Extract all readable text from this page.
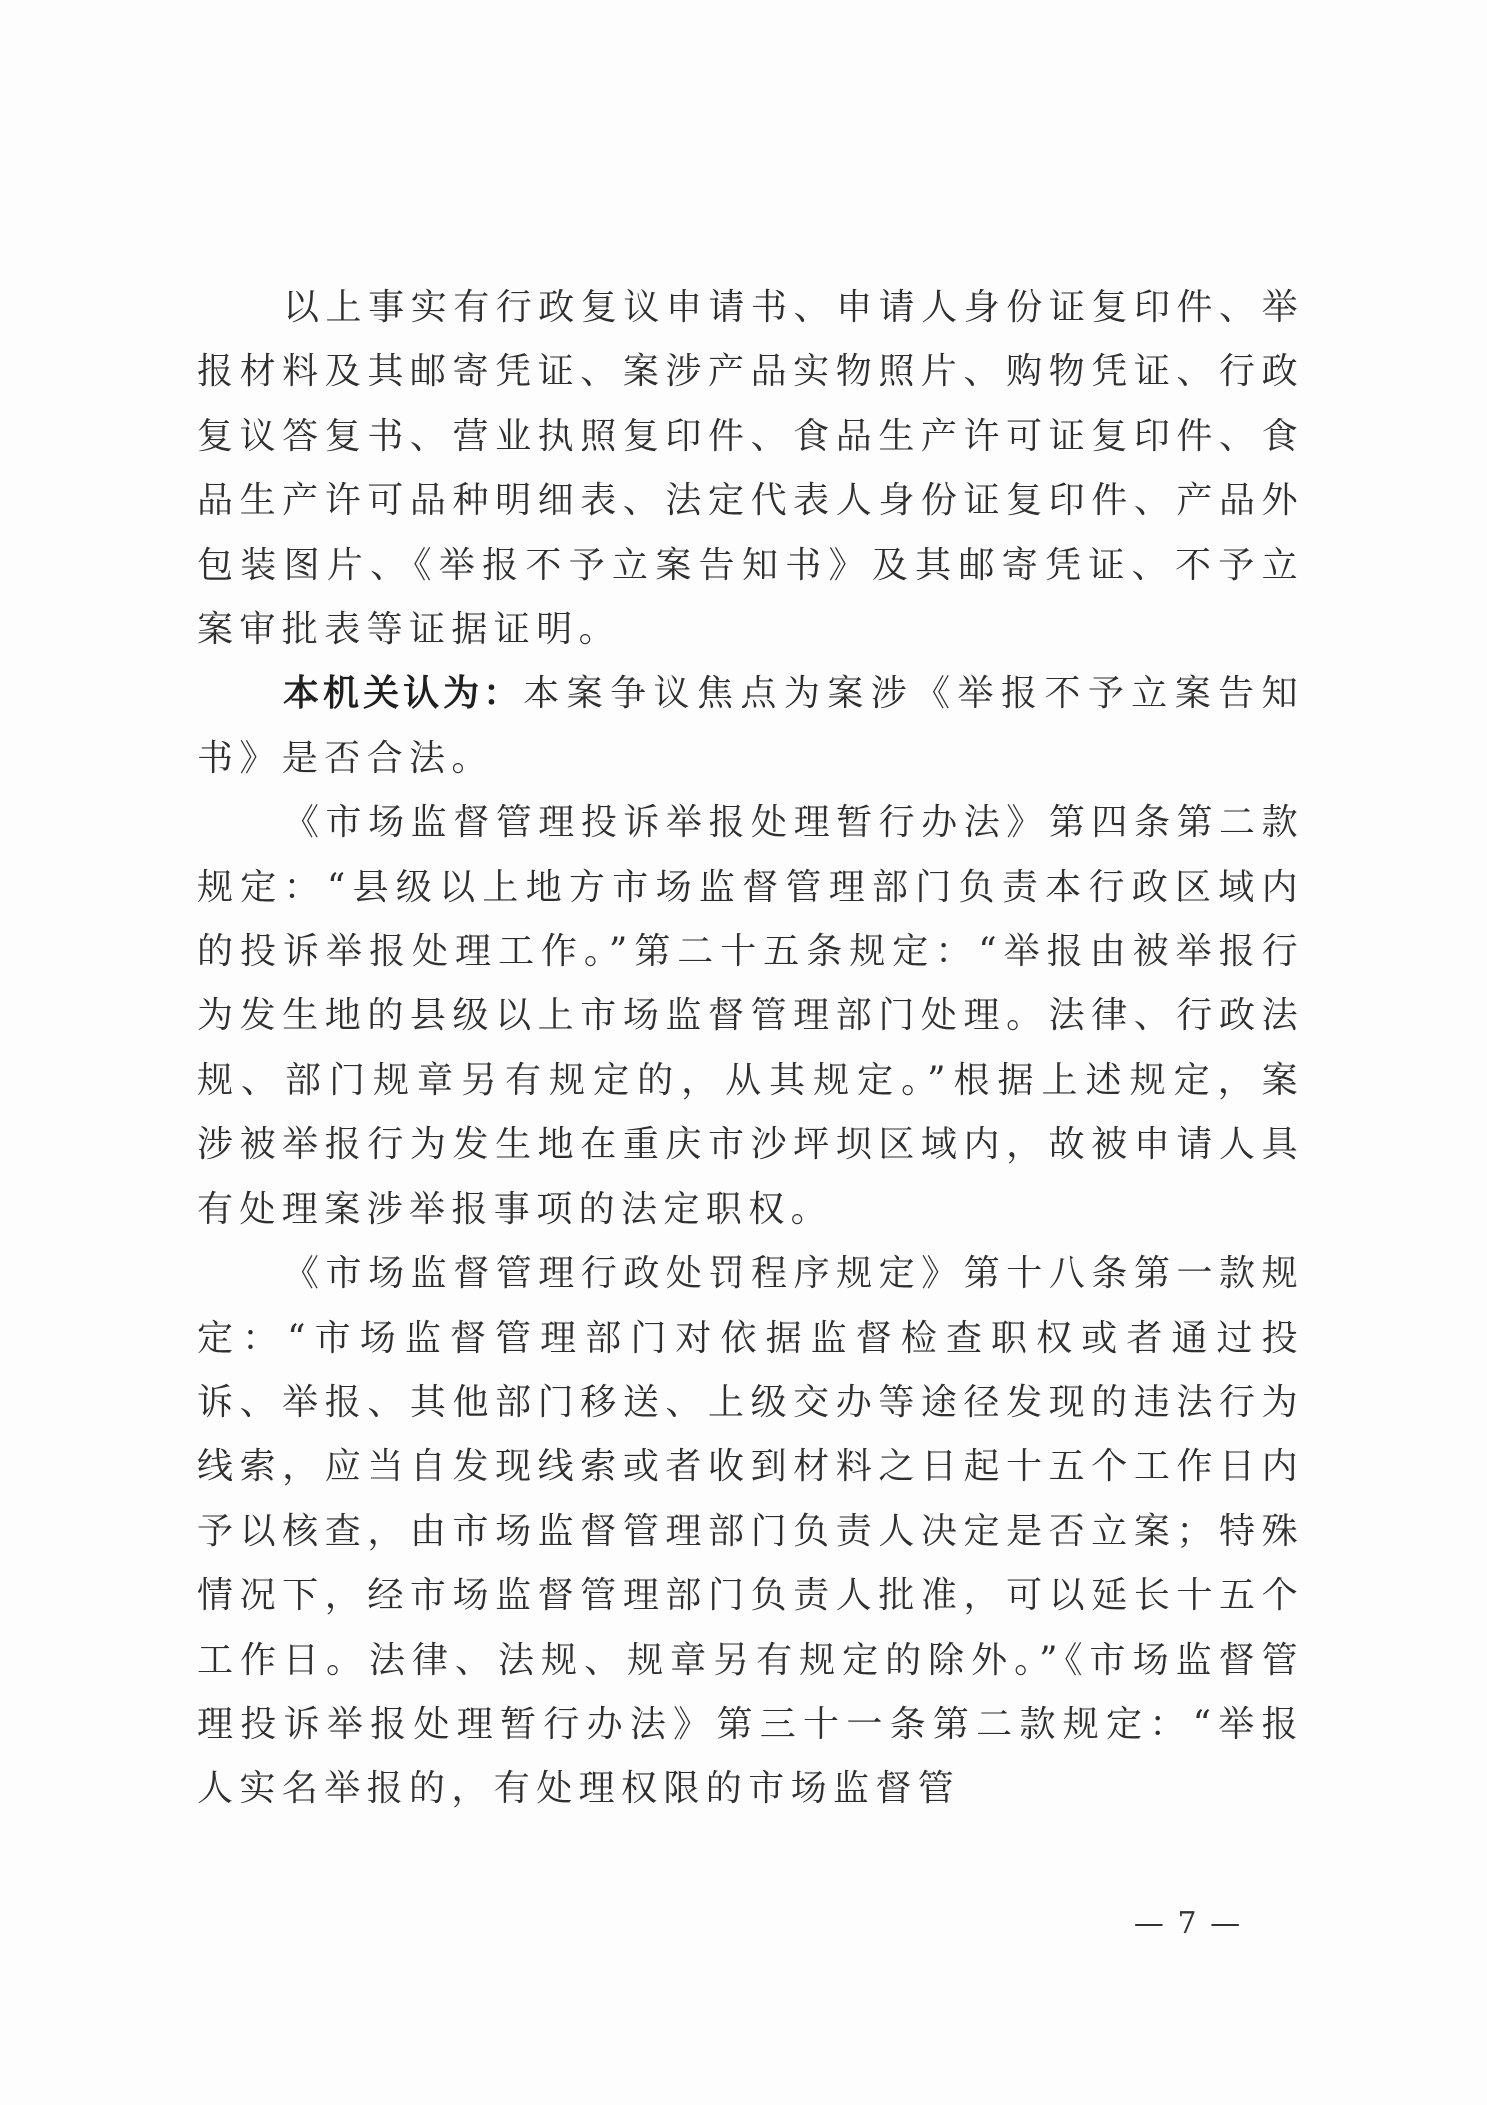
以上事实有行政复议申请书、申请人身份证复印件、举报材料及其邮寄凭证、案涉产品实物照片、购物凭证、行政复议答复书、营业执照复印件、食品生产许可证复印件、食品生产许可品种明细表、法定代表人身份证复印件、产品外包装图片、《举报不予立案告知书》及其邮寄凭证、不予立案审批表等证据证明。

本机关认为：本案争议焦点为案涉《举报不予立案告知书》是否合法。

《市场监督管理投诉举报处理暂行办法》第四条第二款规定：“县级以上地方市场监督管理部门负责本行政区域内的投诉举报处理工作。”第二十五条规定：“举报由被举报行为发生地的县级以上市场监督管理部门处理。法律、行政法规、部门规章另有规定的，从其规定。”根据上述规定，案涉被举报行为发生地在重庆市沙坪坝区域内，故被申请人具有处理案涉举报事项的法定职权。

《市场监督管理行政处罚程序规定》第十八条第一款规定：“市场监督管理部门对依据监督检查职权或者通过投诉、举报、其他部门移送、上级交办等途径发现的违法行为线索，应当自发现线索或者收到材料之日起十五个工作日内予以核查，由市场监督管理部门负责人决定是否立案；特殊情况下，经市场监督管理部门负责人批准，可以延长十五个工作日。法律、法规、规章另有规定的除外。”《市场监督管理投诉举报处理暂行办法》第三十一条第二款规定：“举报人实名举报的，有处理权限的市场监督管

— 7 —
